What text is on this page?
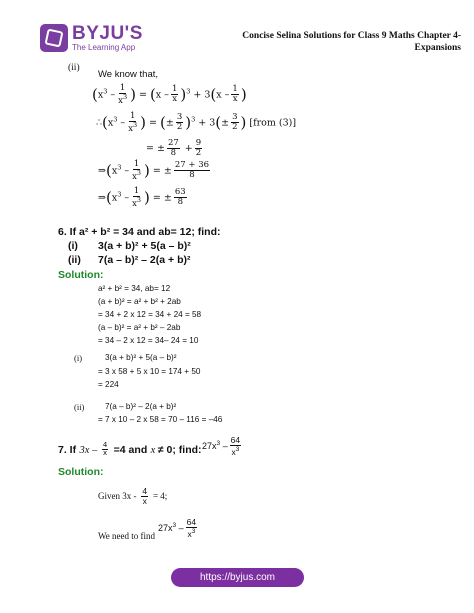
BYJU'S
The Learning App
Concise Selina Solutions for Class 9 Maths Chapter 4- Expansions
(ii)
We know that,
($x^3 - \frac{1}{x^3}$ ) = $(x - \frac{1}{x} )^3 + 3(x - \frac{1}{x}$ )
$\therefore(x^3 - \frac{1}{x^3}$ ) = (± $\frac{3}{2} )^3 + 3(\pm \frac{3}{2}$ ) [from (3)]
= ± $\frac{27}{8} + \frac{9}{2}$
$\Rightarrow(x^3 - \frac{1}{x^3}$ ) = ± $\frac{27 + 36}{8}$
$\Rightarrow(x^3 - \frac{1}{x^3}$ ) = ± $\frac{63}{8}$
6. If a² + b² = 34 and ab= 12; find:
(i) 3(a + b)² + 5(a – b)²
(ii) 7(a – b)² – 2(a + b)²
Solution:
a² + b² = 34, ab= 12
(a + b)² = a² + b² + 2ab
= 34 + 2 x 12 = 34 + 24 = 58
(a – b)² = a² + b² – 2ab
= 34 – 2 x 12 = 34– 24 = 10
(i)	3(a + b)² + 5(a – b)²
= 3 x 58 + 5 x 10 = 174 + 50
= 224
(ii)	7(a – b)² – 2(a + b)²
= 7 x 10 – 2 x 58 = 70 – 116 = –46
7. If $3x - \frac{4}{x} =4$ and x ≠ 0; find: $27x^3 - \frac{64}{x^3}$
Solution:
Given $3x - \frac{4}{x} = 4$;
We need to find
$27x^3 - \frac{64}{x^3}$
https://byjus.com
